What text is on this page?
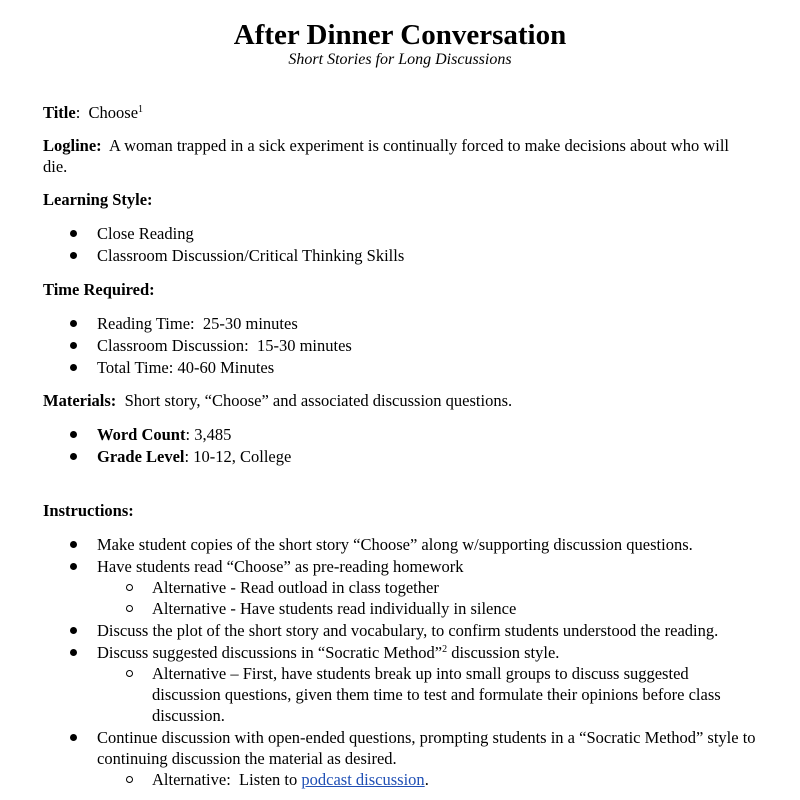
After Dinner Conversation
Short Stories for Long Discussions
Title:  Choose$^1$
Logline: A woman trapped in a sick experiment is continually forced to make decisions about who will die.
Learning Style:
Close Reading
Classroom Discussion/Critical Thinking Skills
Time Required:
Reading Time:  25-30 minutes
Classroom Discussion:  15-30 minutes
Total Time: 40-60 Minutes
Materials: Short story, “Choose” and associated discussion questions.
Word Count: 3,485
Grade Level: 10-12, College
Instructions:
Make student copies of the short story “Choose” along w/supporting discussion questions.
Have students read “Choose” as pre-reading homework
Alternative - Read outload in class together
Alternative - Have students read individually in silence
Discuss the plot of the short story and vocabulary, to confirm students understood the reading.
Discuss suggested discussions in “Socratic Method”$^2$ discussion style.
Alternative – First, have students break up into small groups to discuss suggested discussion questions, given them time to test and formulate their opinions before class discussion.
Continue discussion with open-ended questions, prompting students in a “Socratic Method” style to continuing discussion the material as desired.
Alternative:  Listen to podcast discussion.
